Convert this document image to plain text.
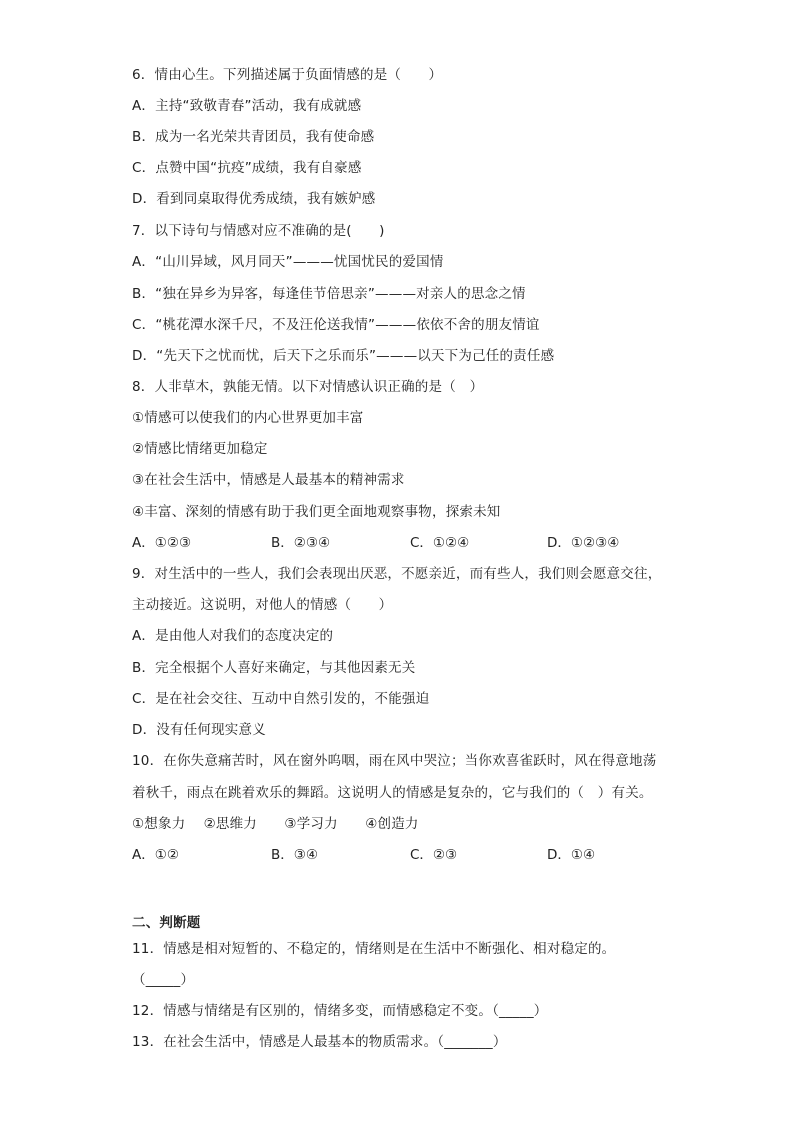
6．情由心生。下列描述属于负面情感的是（　　）
A．主持“致敬青春”活动，我有成就感
B．成为一名光荣共青团员，我有使命感
C．点赞中国“抗疫”成绩，我有自豪感
D．看到同桌取得优秀成绩，我有嫉妒感
7．以下诗句与情感对应不准确的是(　　)
A．“山川异域，风月同天”———忧国忧民的爱国情
B．“独在异乡为异客，每逢佳节倍思亲”———对亲人的思念之情
C．“桃花潭水深千尺，不及汪伦送我情”———依依不舍的朋友情谊
D．“先天下之忧而忧，后天下之乐而乐”———以天下为己任的责任感
8．人非草木，孰能无情。以下对情感认识正确的是（　）
①情感可以使我们的内心世界更加丰富
②情感比情绪更加稳定
③在社会生活中，情感是人最基本的精神需求
④丰富、深刻的情感有助于我们更全面地观察事物，探索未知
A．①②③	B．②③④	C．①②④	D．①②③④
9．对生活中的一些人，我们会表现出厌恶，不愿亲近，而有些人，我们则会愿意交往，
主动接近。这说明，对他人的情感（　　）
A．是由他人对我们的态度决定的
B．完全根据个人喜好来确定，与其他因素无关
C．是在社会交往、互动中自然引发的，不能强迫
D．没有任何现实意义
10．在你失意痛苦时，风在窗外呜咽，雨在风中哭泣；当你欢喜雀跃时，风在得意地荡
着秋千，雨点在跳着欢乐的舞蹈。这说明人的情感是复杂的，它与我们的（　）有关。
①想象力　 ②思维力　　③学习力　　④创造力
A．①②	B．③④	C．②③	D．①④
二、判断题
11．情感是相对短暂的、不稳定的，情绪则是在生活中不断强化、相对稳定的。
（_____）
12．情感与情绪是有区别的，情绪多变，而情感稳定不变。（_____）
13．在社会生活中，情感是人最基本的物质需求。（_______）
